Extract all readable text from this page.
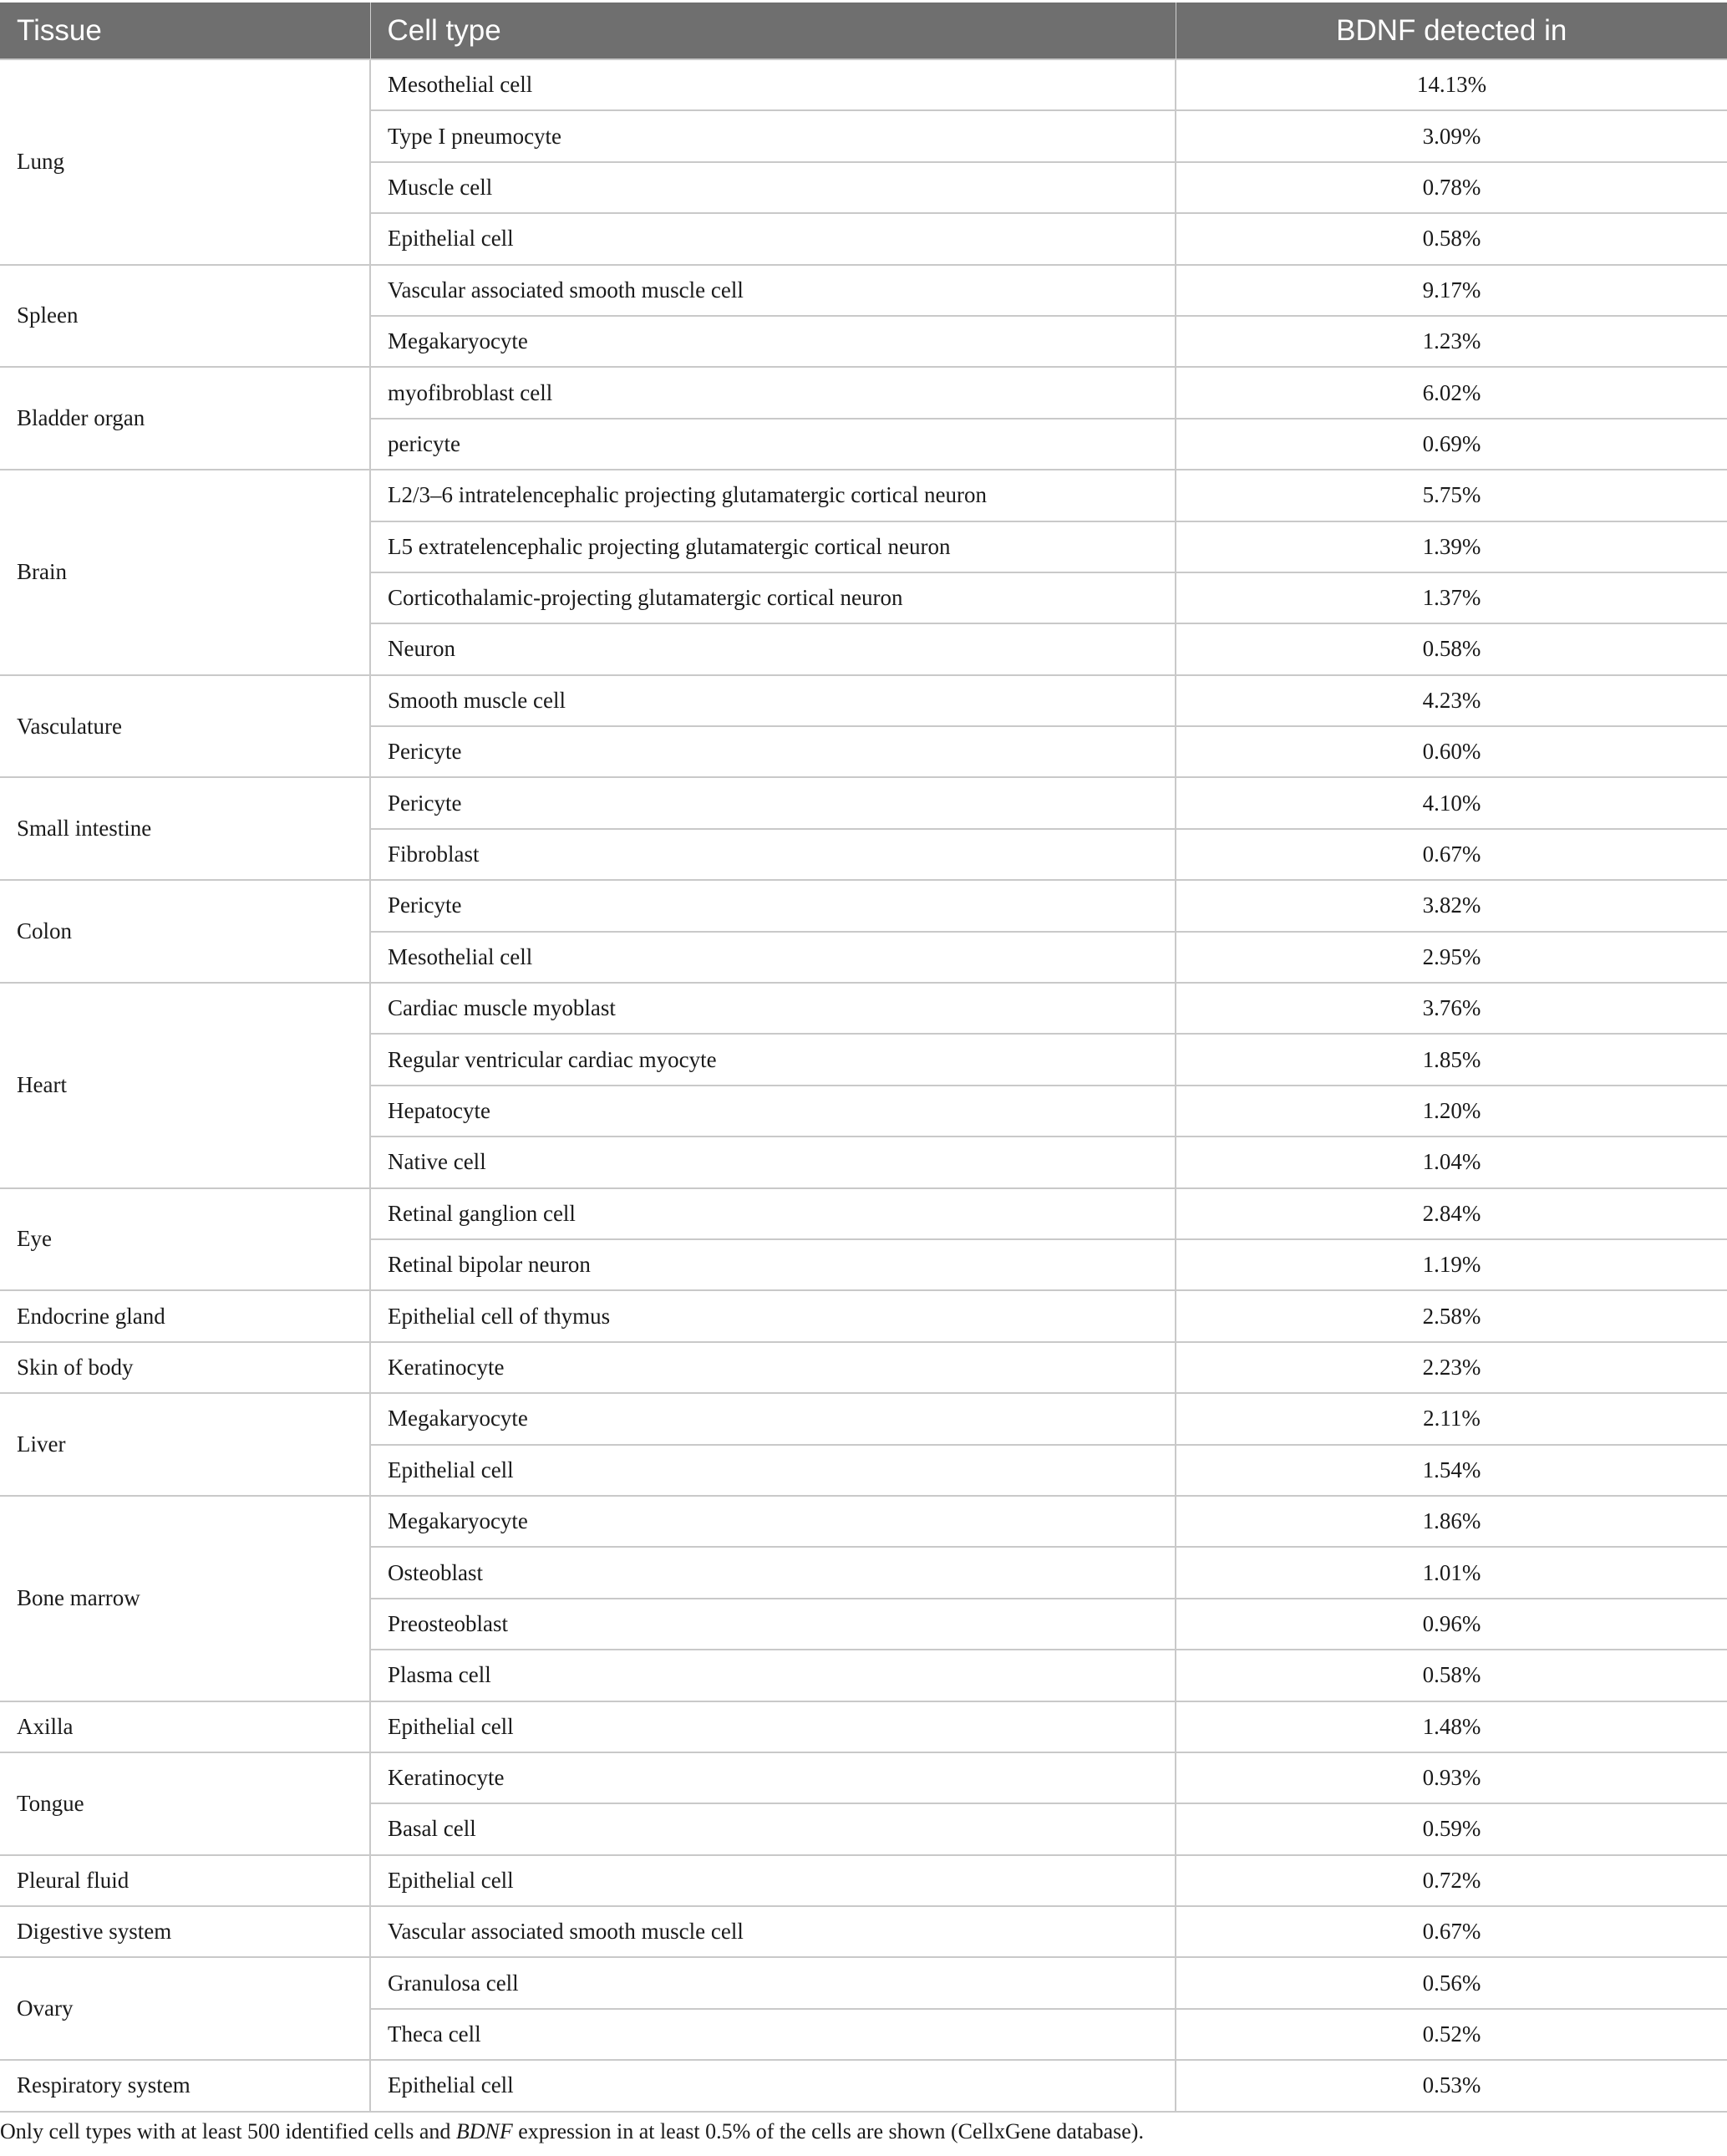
Tissue	Cell type	BDNF detected in
Lung	Mesothelial cell	14.13%
	Type I pneumocyte	3.09%
	Muscle cell	0.78%
	Epithelial cell	0.58%
Spleen	Vascular associated smooth muscle cell	9.17%
	Megakaryocyte	1.23%
Bladder organ	myofibroblast cell	6.02%
	pericyte	0.69%
Brain	L2/3–6 intratelencephalic projecting glutamatergic cortical neuron	5.75%
	L5 extratelencephalic projecting glutamatergic cortical neuron	1.39%
	Corticothalamic-projecting glutamatergic cortical neuron	1.37%
	Neuron	0.58%
Vasculature	Smooth muscle cell	4.23%
	Pericyte	0.60%
Small intestine	Pericyte	4.10%
	Fibroblast	0.67%
Colon	Pericyte	3.82%
	Mesothelial cell	2.95%
Heart	Cardiac muscle myoblast	3.76%
	Regular ventricular cardiac myocyte	1.85%
	Hepatocyte	1.20%
	Native cell	1.04%
Eye	Retinal ganglion cell	2.84%
	Retinal bipolar neuron	1.19%
Endocrine gland	Epithelial cell of thymus	2.58%
Skin of body	Keratinocyte	2.23%
Liver	Megakaryocyte	2.11%
	Epithelial cell	1.54%
Bone marrow	Megakaryocyte	1.86%
	Osteoblast	1.01%
	Preosteoblast	0.96%
	Plasma cell	0.58%
Axilla	Epithelial cell	1.48%
Tongue	Keratinocyte	0.93%
	Basal cell	0.59%
Pleural fluid	Epithelial cell	0.72%
Digestive system	Vascular associated smooth muscle cell	0.67%
Ovary	Granulosa cell	0.56%
	Theca cell	0.52%
Respiratory system	Epithelial cell	0.53%
Only cell types with at least 500 identified cells and BDNF expression in at least 0.5% of the cells are shown (CellxGene database).
